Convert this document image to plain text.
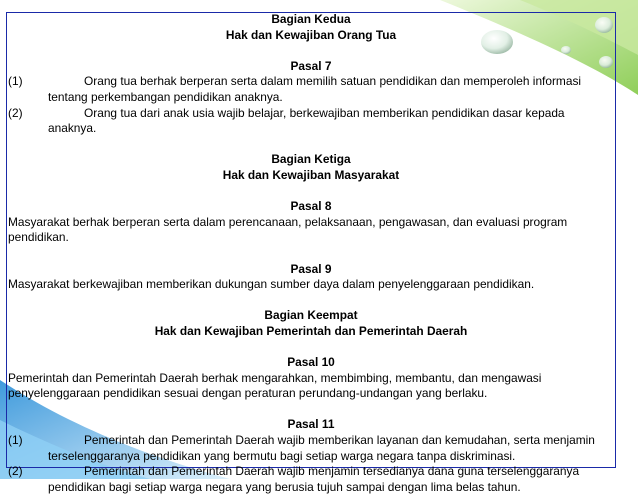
Bagian Kedua
Hak dan Kewajiban Orang Tua
Pasal 7
(1)	Orang tua berhak berperan serta dalam memilih satuan pendidikan dan memperoleh informasi tentang perkembangan pendidikan anaknya.
(2)	Orang tua dari anak usia wajib belajar, berkewajiban memberikan pendidikan dasar kepada anaknya.
Bagian Ketiga
Hak dan Kewajiban Masyarakat
Pasal 8

Masyarakat berhak berperan serta dalam perencanaan, pelaksanaan, pengawasan, dan evaluasi program pendidikan.

Pasal 9

Masyarakat berkewajiban memberikan dukungan sumber daya dalam penyelenggaraan pendidikan.

Bagian Keempat
Hak dan Kewajiban Pemerintah dan Pemerintah Daerah
Pasal 10

Pemerintah dan Pemerintah Daerah berhak mengarahkan, membimbing, membantu, dan mengawasi penyelenggaraan pendidikan sesuai dengan peraturan perundang-undangan yang berlaku.

Pasal 11
(1)	Pemerintah dan Pemerintah Daerah wajib memberikan layanan dan kemudahan, serta menjamin terselenggaranya pendidikan yang bermutu bagi setiap warga negara tanpa diskriminasi.
(2)	Pemerintah dan Pemerintah Daerah wajib menjamin tersedianya dana guna terselenggaranya pendidikan bagi setiap warga negara yang berusia tujuh sampai dengan lima belas tahun.
